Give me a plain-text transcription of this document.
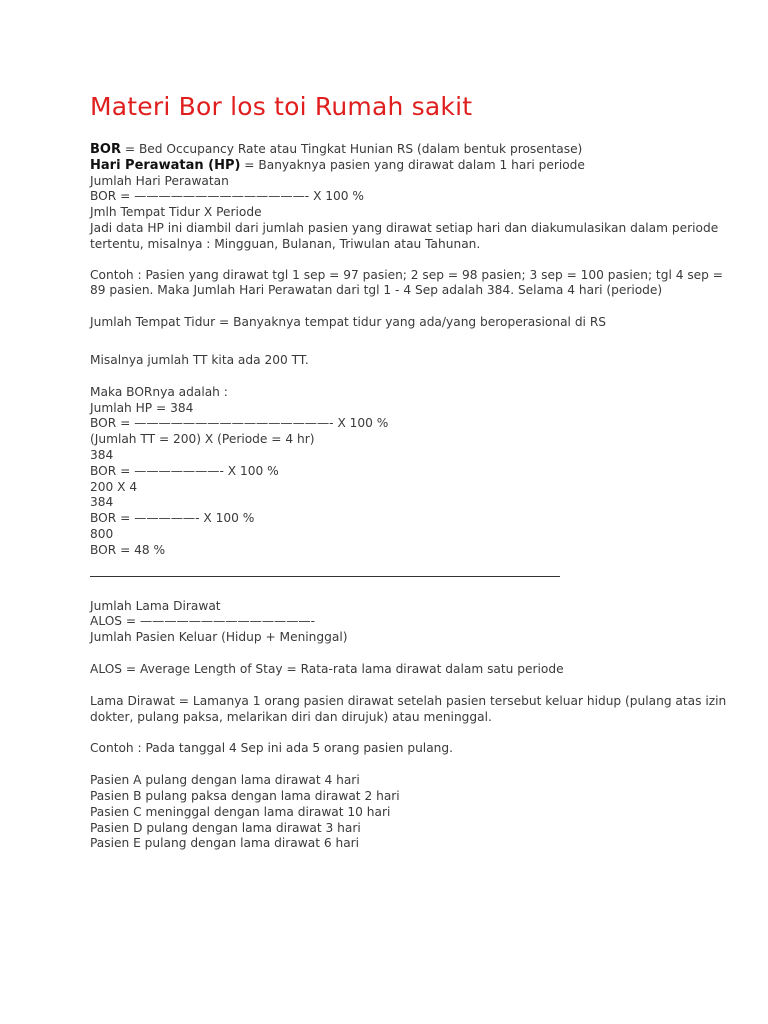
Materi Bor los toi Rumah sakit

BOR = Bed Occupancy Rate atau Tingkat Hunian RS (dalam bentuk prosentase)

Hari Perawatan (HP) = Banyaknya pasien yang dirawat dalam 1 hari periode

Jumlah Hari Perawatan

BOR = ——————————————- X 100 %

Jmlh Tempat Tidur X Periode

Jadi data HP ini diambil dari jumlah pasien yang dirawat setiap hari dan diakumulasikan dalam periode tertentu, misalnya : Mingguan, Bulanan, Triwulan atau Tahunan.

Contoh : Pasien yang dirawat tgl 1 sep = 97 pasien; 2 sep = 98 pasien; 3 sep = 100 pasien; tgl 4 sep = 89 pasien. Maka Jumlah Hari Perawatan dari tgl 1 - 4 Sep adalah 384. Selama 4 hari (periode)

Jumlah Tempat Tidur = Banyaknya tempat tidur yang ada/yang beroperasional di RS

Misalnya jumlah TT kita ada 200 TT.

Maka BORnya adalah :

Jumlah HP = 384

BOR = ————————————————- X 100 %

(Jumlah TT = 200) X (Periode = 4 hr)

384

BOR = ———————- X 100 %

200 X 4

384

BOR = —————- X 100 %

800

BOR = 48 %

Jumlah Lama Dirawat

ALOS = ——————————————-

Jumlah Pasien Keluar (Hidup + Meninggal)

ALOS = Average Length of Stay = Rata-rata lama dirawat dalam satu periode

Lama Dirawat = Lamanya 1 orang pasien dirawat setelah pasien tersebut keluar hidup (pulang atas izin dokter, pulang paksa, melarikan diri dan dirujuk) atau meninggal.

Contoh : Pada tanggal 4 Sep ini ada 5 orang pasien pulang.

Pasien A pulang dengan lama dirawat 4 hari

Pasien B pulang paksa dengan lama dirawat 2 hari

Pasien C meninggal dengan lama dirawat 10 hari

Pasien D pulang dengan lama dirawat 3 hari

Pasien E pulang dengan lama dirawat 6 hari
